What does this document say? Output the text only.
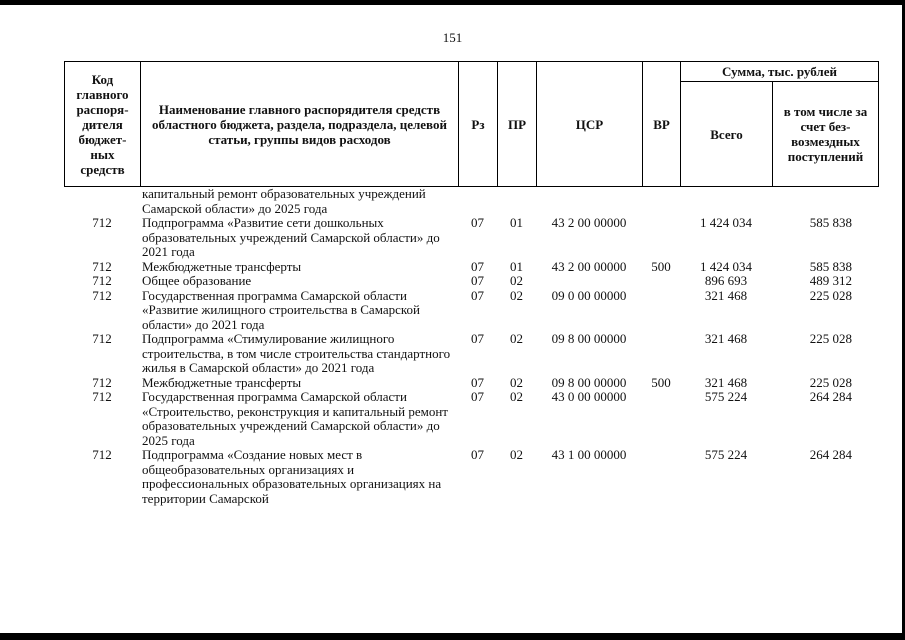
151
Код главного распоря-дителя бюджет-ных средств	Наименование главного распорядителя средств областного бюджета, раздела, подраздела, целевой статьи, группы видов расходов	Рз	ПР	ЦСР	ВР	Сумма, тыс. рублей	
						Всего	в том числе за счет без-возмездных поступлений
	капитальный ремонт образовательных учреждений Самарской области» до 2025 года						
712	Подпрограмма «Развитие сети дошкольных образовательных учреждений Самарской области» до 2021 года	07	01	43 2 00 00000		1 424 034	585 838
712	Межбюджетные трансферты	07	01	43 2 00 00000	500	1 424 034	585 838
712	Общее образование	07	02			896 693	489 312
712	Государственная программа Самарской области «Развитие жилищного строительства в Самарской области» до 2021 года	07	02	09 0 00 00000		321 468	225 028
712	Подпрограмма «Стимулирование жилищного строительства, в том числе строительства стандартного жилья в Самарской области» до 2021 года	07	02	09 8 00 00000		321 468	225 028
712	Межбюджетные трансферты	07	02	09 8 00 00000	500	321 468	225 028
712	Государственная программа Самарской области «Строительство, реконструкция и капитальный ремонт образовательных учреждений Самарской области» до 2025 года	07	02	43 0 00 00000		575 224	264 284
712	Подпрограмма «Создание новых мест в общеобразовательных организациях и профессиональных образовательных организациях на территории Самарской	07	02	43 1 00 00000		575 224	264 284
